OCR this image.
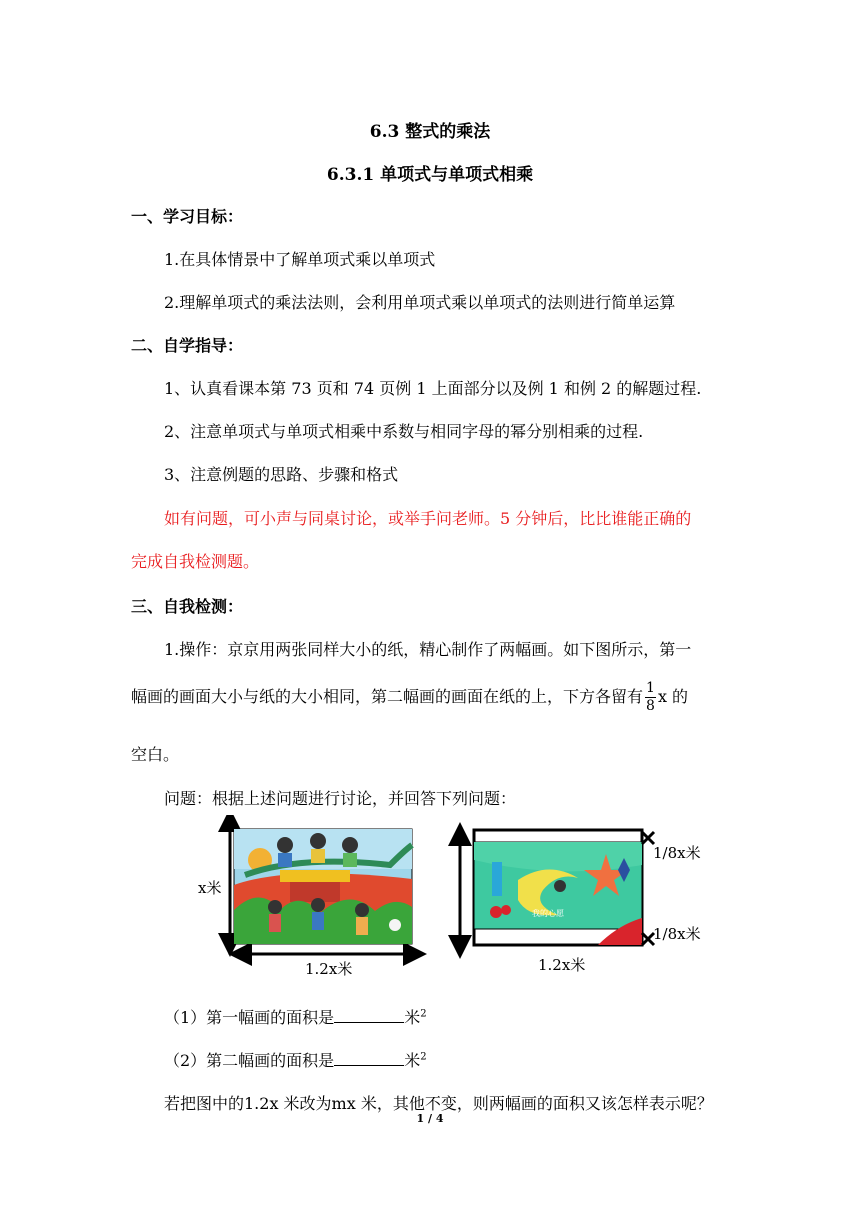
6.3 整式的乘法
6.3.1 单项式与单项式相乘
一、学习目标：
1.在具体情景中了解单项式乘以单项式
2.理解单项式的乘法法则，会利用单项式乘以单项式的法则进行简单运算
二、自学指导：
1、认真看课本第 73 页和 74 页例 1 上面部分以及例 1 和例 2 的解题过程.
2、注意单项式与单项式相乘中系数与相同字母的幂分别相乘的过程.
3、注意例题的思路、步骤和格式
如有问题，可小声与同桌讨论，或举手问老师。5 分钟后，比比谁能正确的
完成自我检测题。
三、自我检测：
1.操作：京京用两张同样大小的纸，精心制作了两幅画。如下图所示，第一
幅画的画面大小与纸的大小相同，第二幅画的画面在纸的上，下方各留有 $\frac{1}{8}$ x 的
空白。
问题：根据上述问题进行讨论，并回答下列问题：
x米
1.2x米
我的心愿
1/8x米
1/8x米
1.2x米
（1）第一幅画的面积是	米$^2$
（2）第二幅画的面积是	米$^2$
若把图中的1.2x 米改为mx 米，其他不变，则两幅画的面积又该怎样表示呢？
1 / 4
